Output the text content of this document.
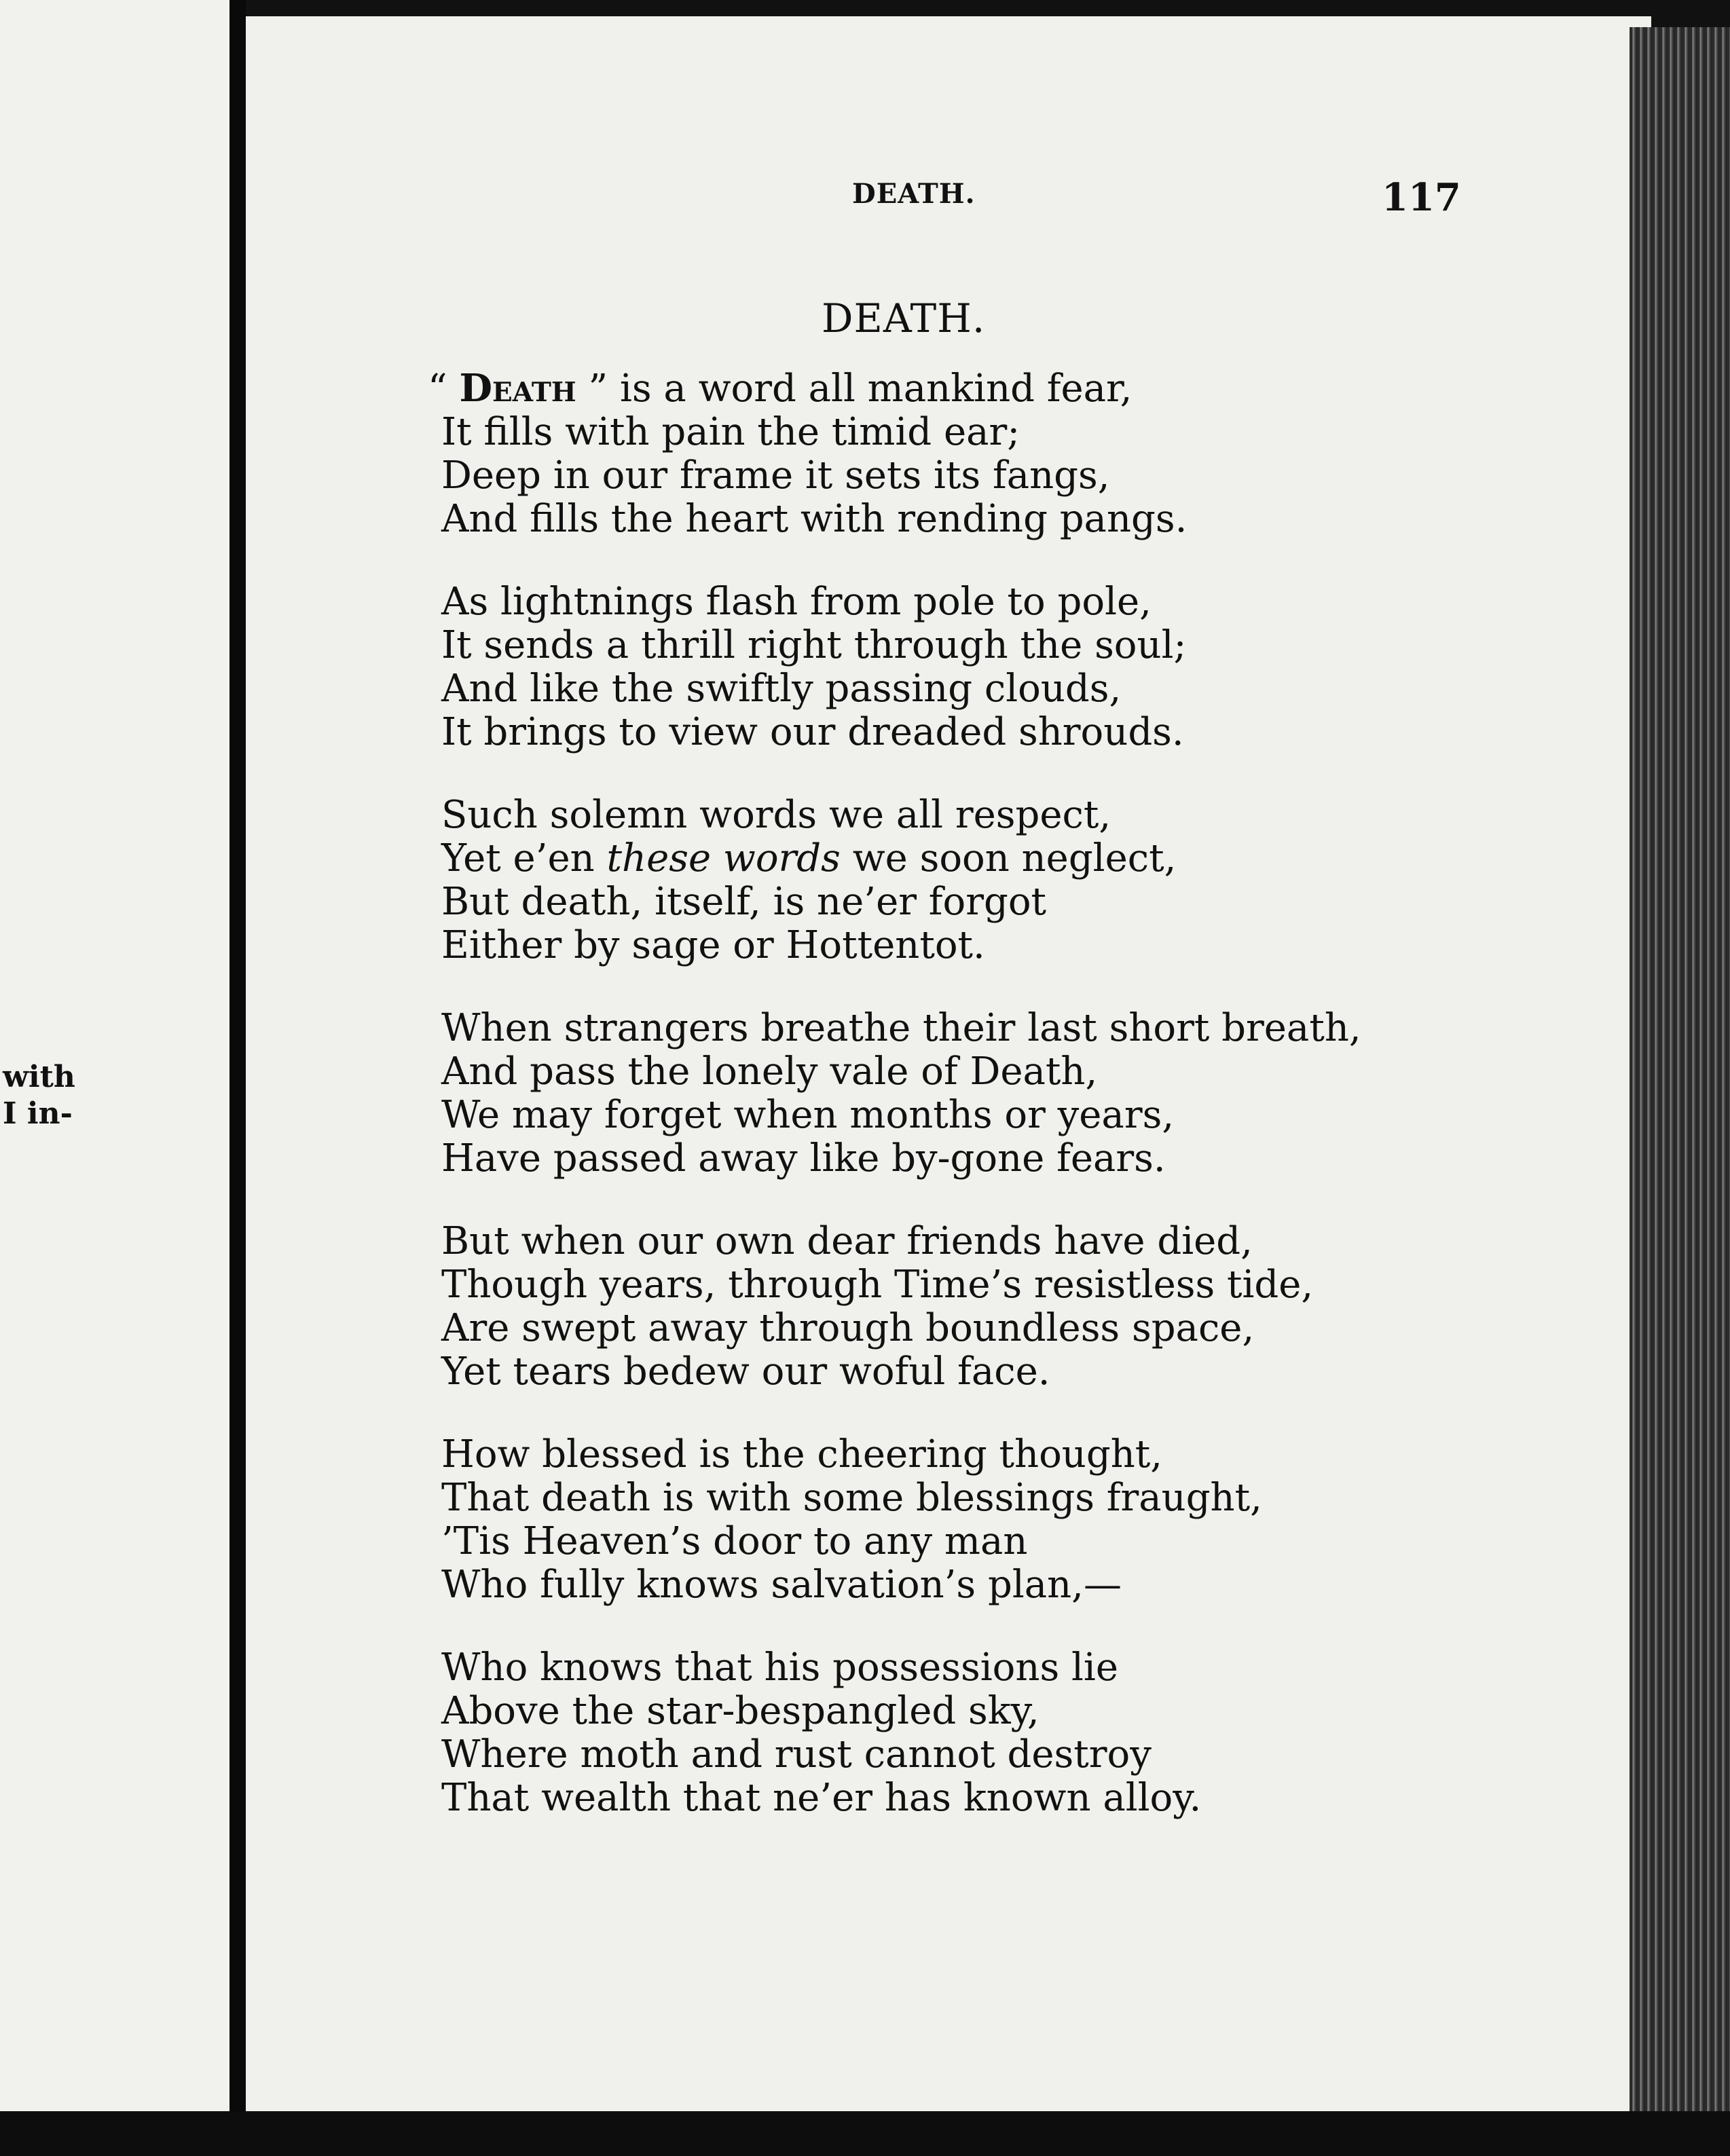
with
I in-
DEATH.	117
DEATH.
“ Death ” is a word all mankind fear,
It fills with pain the timid ear;
Deep in our frame it sets its fangs,
And fills the heart with rending pangs.
As lightnings flash from pole to pole,
It sends a thrill right through the soul;
And like the swiftly passing clouds,
It brings to view our dreaded shrouds.
Such solemn words we all respect,
Yet e’en these words we soon neglect,
But death, itself, is ne’er forgot
Either by sage or Hottentot.
When strangers breathe their last short breath,
And pass the lonely vale of Death,
We may forget when months or years,
Have passed away like by-gone fears.
But when our own dear friends have died,
Though years, through Time’s resistless tide,
Are swept away through boundless space,
Yet tears bedew our woful face.
How blessed is the cheering thought,
That death is with some blessings fraught,
’Tis Heaven’s door to any man
Who fully knows salvation’s plan,—
Who knows that his possessions lie
Above the star-bespangled sky,
Where moth and rust cannot destroy
That wealth that ne’er has known alloy.
